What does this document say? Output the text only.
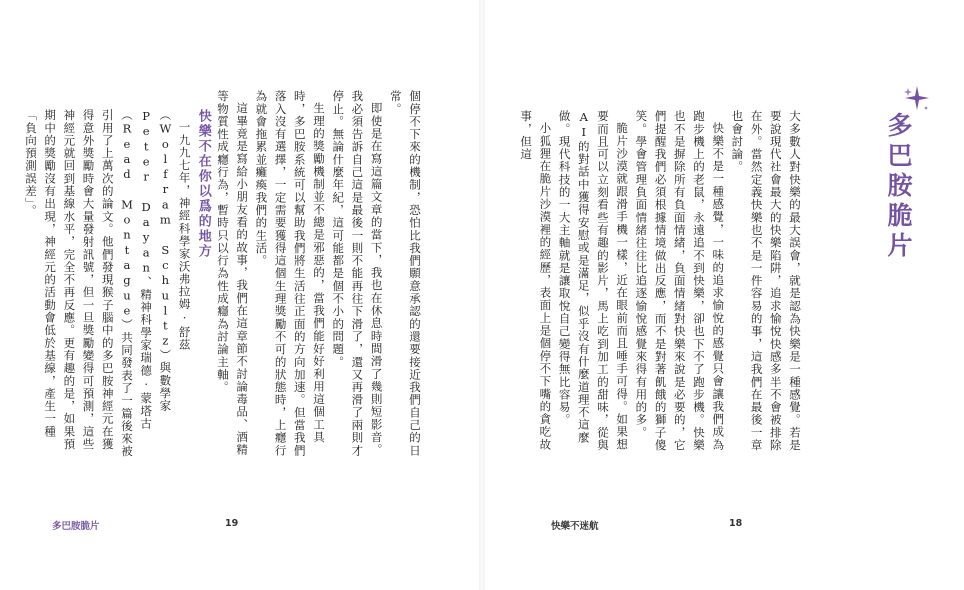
多巴胺脆片

大多數人對快樂的最大誤會，就是認為快樂是一種感覺。若是要說現代社會最大的快樂陷阱，追求愉悅快感多半不會被排除在外。當然定義快樂也不是一件容易的事，這我們在最後一章也會討論。

快樂不是一種感覺，一味的追求愉悅的感覺只會讓我們成為跑步機上的老鼠，永遠追不到快樂，卻也下不了跑步機。快樂也不是摒除所有負面情緒，負面情緒對快樂來說是必要的，它們提醒我們必須根據情境做出反應，而不是對著飢餓的獅子傻笑。學會管理負面情緒往往比追逐愉悅感覺來得有用的多。

脆片沙漠就跟滑手機一樣，近在眼前而且唾手可得。如果想要而且可以立刻看些有趣的影片，馬上吃到加工的甜味，從與AI的對話中獲得安慰或是滿足，似乎沒有什麼道理不這麼做。現代科技的一大主軸就是讓取悅自己變得無比容易。

小狐狸在脆片沙漠裡的經歷，表面上是個停不下嘴的貪吃故事，但這

快樂不迷航	18

個停不下來的機制，恐怕比我們願意承認的還要接近我們自己的日常。

即使是在寫這篇文章的當下，我也在休息時間滑了幾則短影音。我必須告訴自己這是最後一則不能再往下滑了，還又再滑了兩則才停止。無論什麼年紀，這可能都是個不小的問題。

生理的獎勵機制並不總是邪惡的，當我們能好好利用這個工具時，多巴胺系統可以幫助我們將生活往正面的方向加速。但當我們落入沒有選擇，一定需要獲得這個生理獎勵不可的狀態時，上癮行為就會拖累並癱瘓我們的生活。

這畢竟是寫給小朋友看的故事，我們在這章節不討論毒品、酒精等物質性成癮行為，暫時只以行為性成癮為討論主軸。

快樂不在你以爲的地方

一九九七年，神經科學家沃弗拉姆·舒茲（Wolfram Schultz）與數學家Peter Dayan、精神科學家瑞德·蒙塔古（Read Montague）共同發表了一篇後來被引用了上萬次的論文。他們發現猴子腦中的多巴胺神經元在獲得意外獎勵時會大量發射訊號，但一旦獎勵變得可預測，這些神經元就回到基線水平，完全不再反應。更有趣的是，如果預期中的獎勵沒有出現，神經元的活動會低於基線，產生一種「負向預測誤差」。

多巴胺脆片	19
